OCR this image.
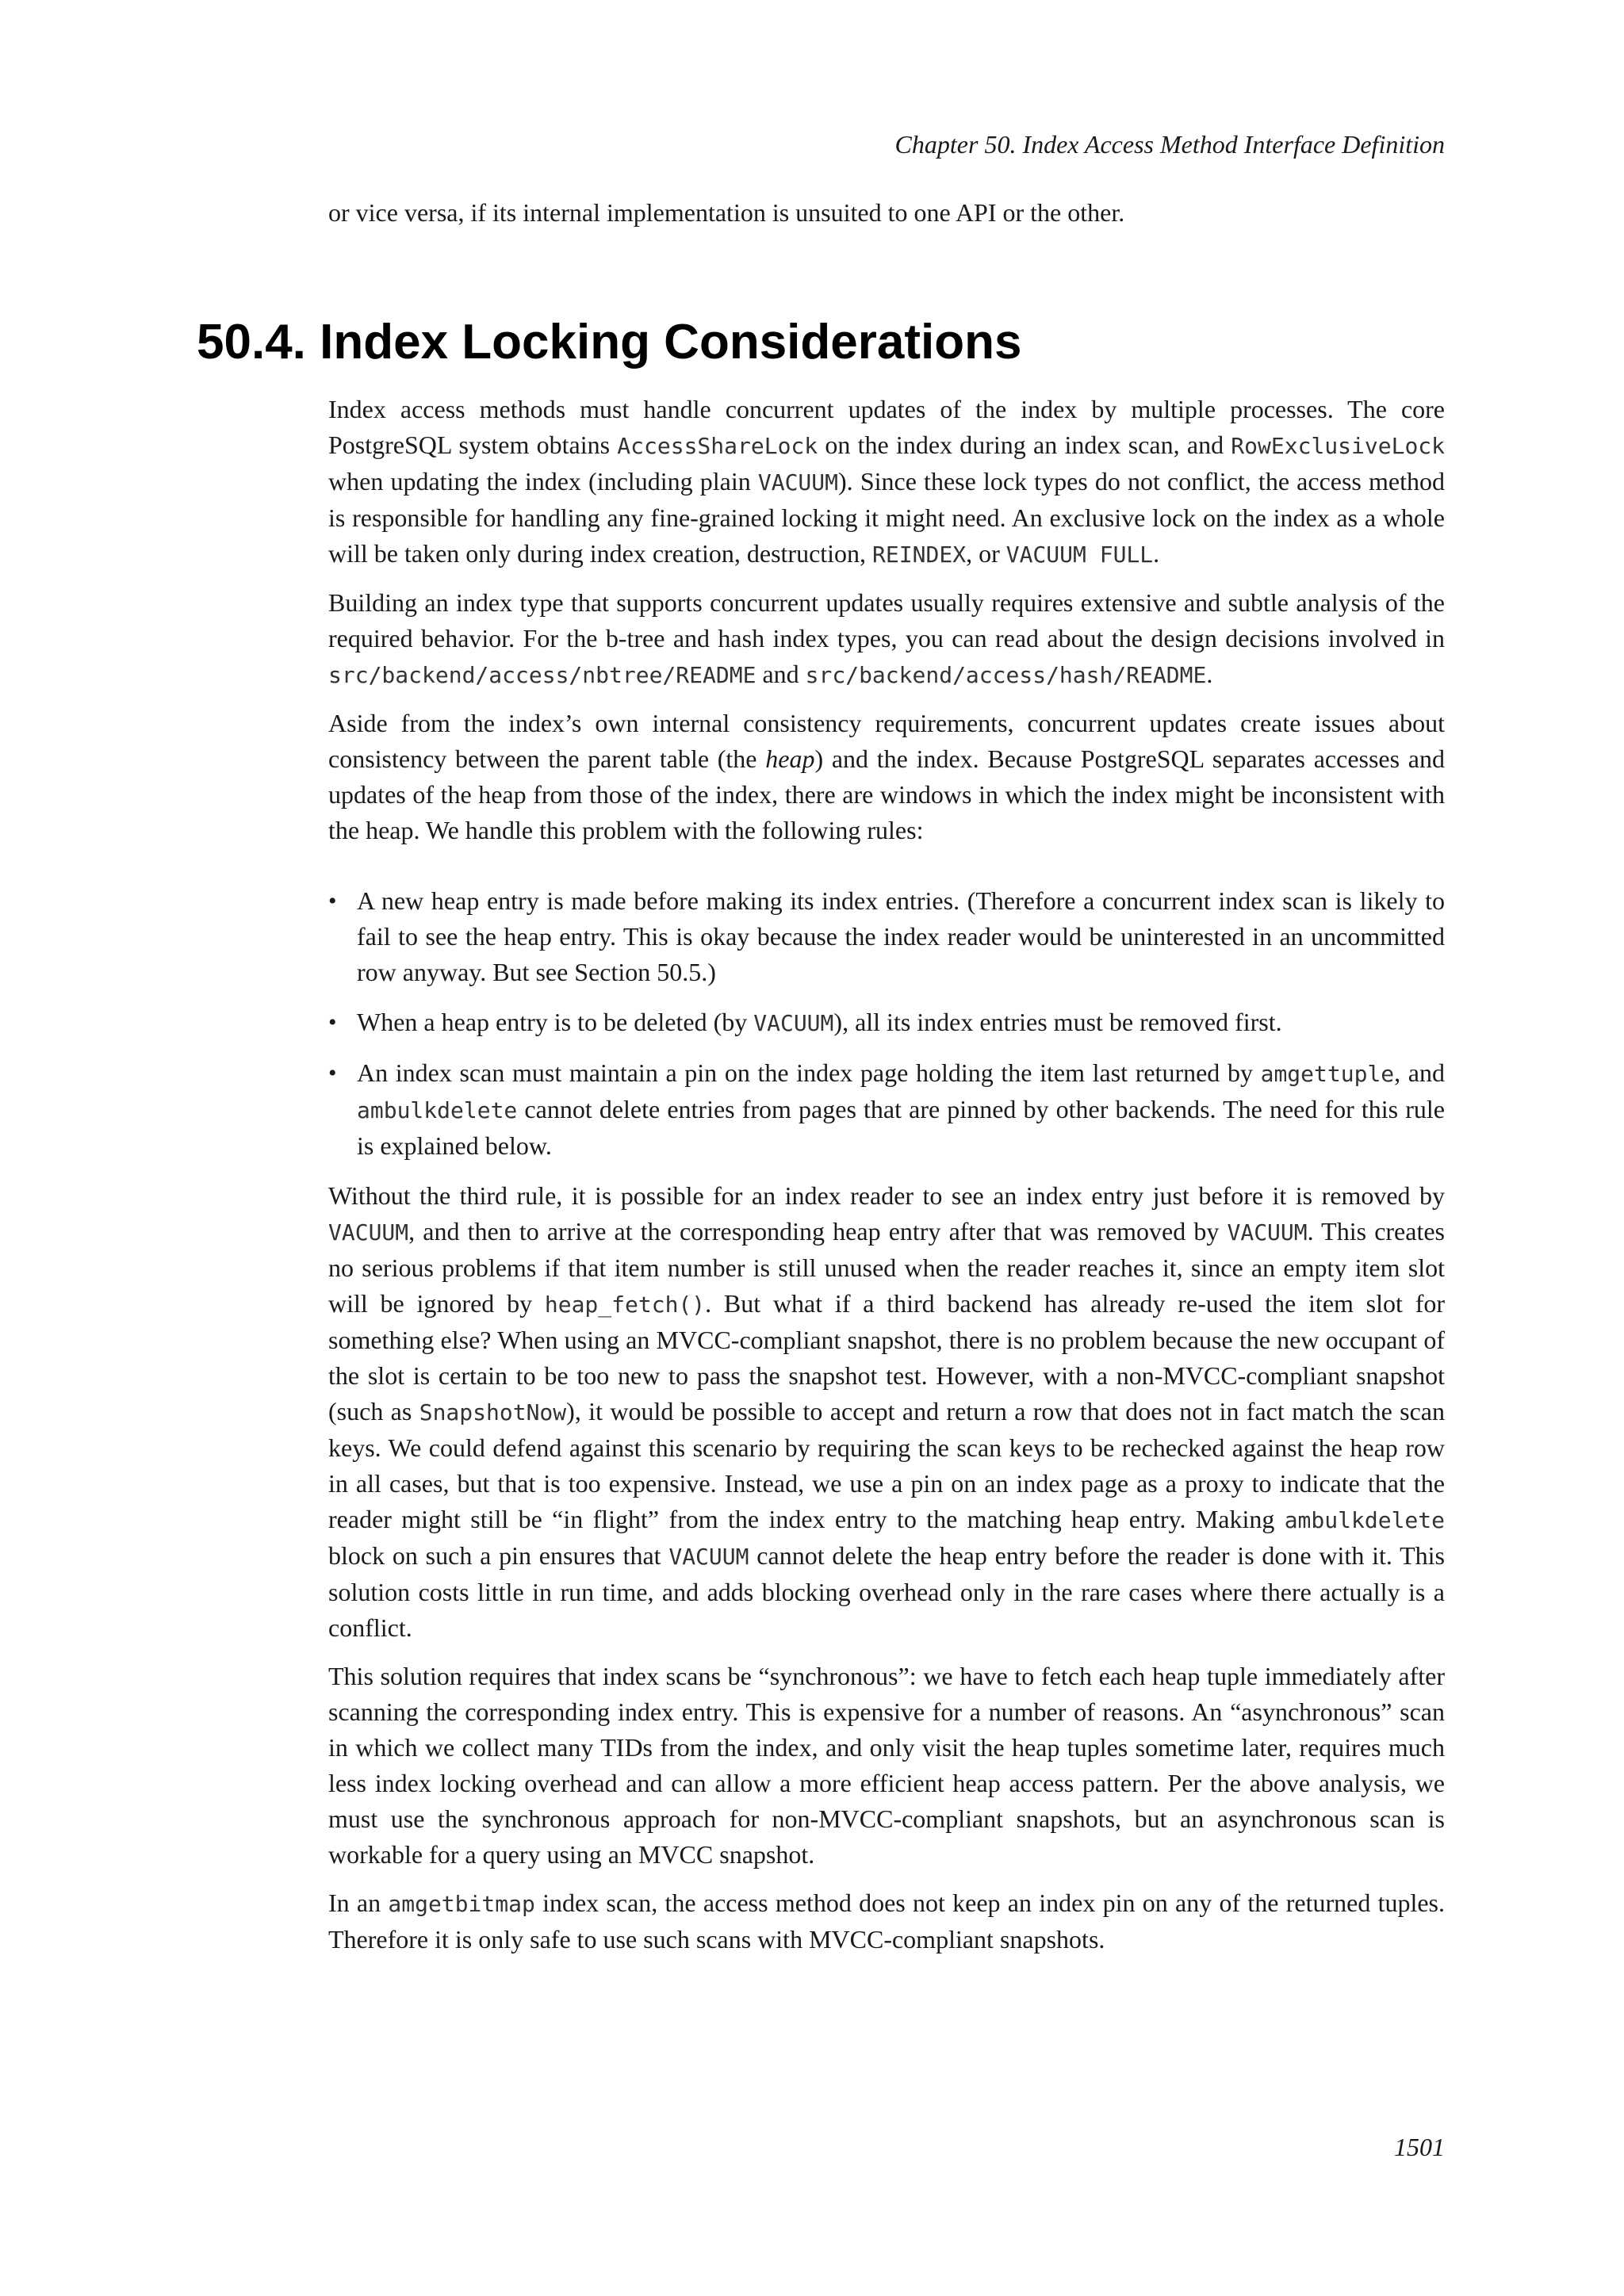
Chapter 50. Index Access Method Interface Definition

or vice versa, if its internal implementation is unsuited to one API or the other.

50.4. Index Locking Considerations

Index access methods must handle concurrent updates of the index by multiple processes. The core PostgreSQL system obtains AccessShareLock on the index during an index scan, and RowExclusiveLock when updating the index (including plain VACUUM). Since these lock types do not conflict, the access method is responsible for handling any fine-grained locking it might need. An exclusive lock on the index as a whole will be taken only during index creation, destruction, REINDEX, or VACUUM FULL.

Building an index type that supports concurrent updates usually requires extensive and subtle analysis of the required behavior. For the b-tree and hash index types, you can read about the design decisions involved in src/backend/access/nbtree/README and src/backend/access/hash/README.

Aside from the index’s own internal consistency requirements, concurrent updates create issues about consistency between the parent table (the heap) and the index. Because PostgreSQL separates accesses and updates of the heap from those of the index, there are windows in which the index might be inconsistent with the heap. We handle this problem with the following rules:

• A new heap entry is made before making its index entries. (Therefore a concurrent index scan is likely to fail to see the heap entry. This is okay because the index reader would be uninterested in an uncommitted row anyway. But see Section 50.5.)

• When a heap entry is to be deleted (by VACUUM), all its index entries must be removed first.

• An index scan must maintain a pin on the index page holding the item last returned by amgettuple, and ambulkdelete cannot delete entries from pages that are pinned by other backends. The need for this rule is explained below.

Without the third rule, it is possible for an index reader to see an index entry just before it is removed by VACUUM, and then to arrive at the corresponding heap entry after that was removed by VACUUM. This creates no serious problems if that item number is still unused when the reader reaches it, since an empty item slot will be ignored by heap_fetch(). But what if a third backend has already re-used the item slot for something else? When using an MVCC-compliant snapshot, there is no problem because the new occupant of the slot is certain to be too new to pass the snapshot test. However, with a non-MVCC-compliant snapshot (such as SnapshotNow), it would be possible to accept and return a row that does not in fact match the scan keys. We could defend against this scenario by requiring the scan keys to be rechecked against the heap row in all cases, but that is too expensive. Instead, we use a pin on an index page as a proxy to indicate that the reader might still be “in flight” from the index entry to the matching heap entry. Making ambulkdelete block on such a pin ensures that VACUUM cannot delete the heap entry before the reader is done with it. This solution costs little in run time, and adds blocking overhead only in the rare cases where there actually is a conflict.

This solution requires that index scans be “synchronous”: we have to fetch each heap tuple immediately after scanning the corresponding index entry. This is expensive for a number of reasons. An “asynchronous” scan in which we collect many TIDs from the index, and only visit the heap tuples sometime later, requires much less index locking overhead and can allow a more efficient heap access pattern. Per the above analysis, we must use the synchronous approach for non-MVCC-compliant snapshots, but an asynchronous scan is workable for a query using an MVCC snapshot.

In an amgetbitmap index scan, the access method does not keep an index pin on any of the returned tuples. Therefore it is only safe to use such scans with MVCC-compliant snapshots.

1501
